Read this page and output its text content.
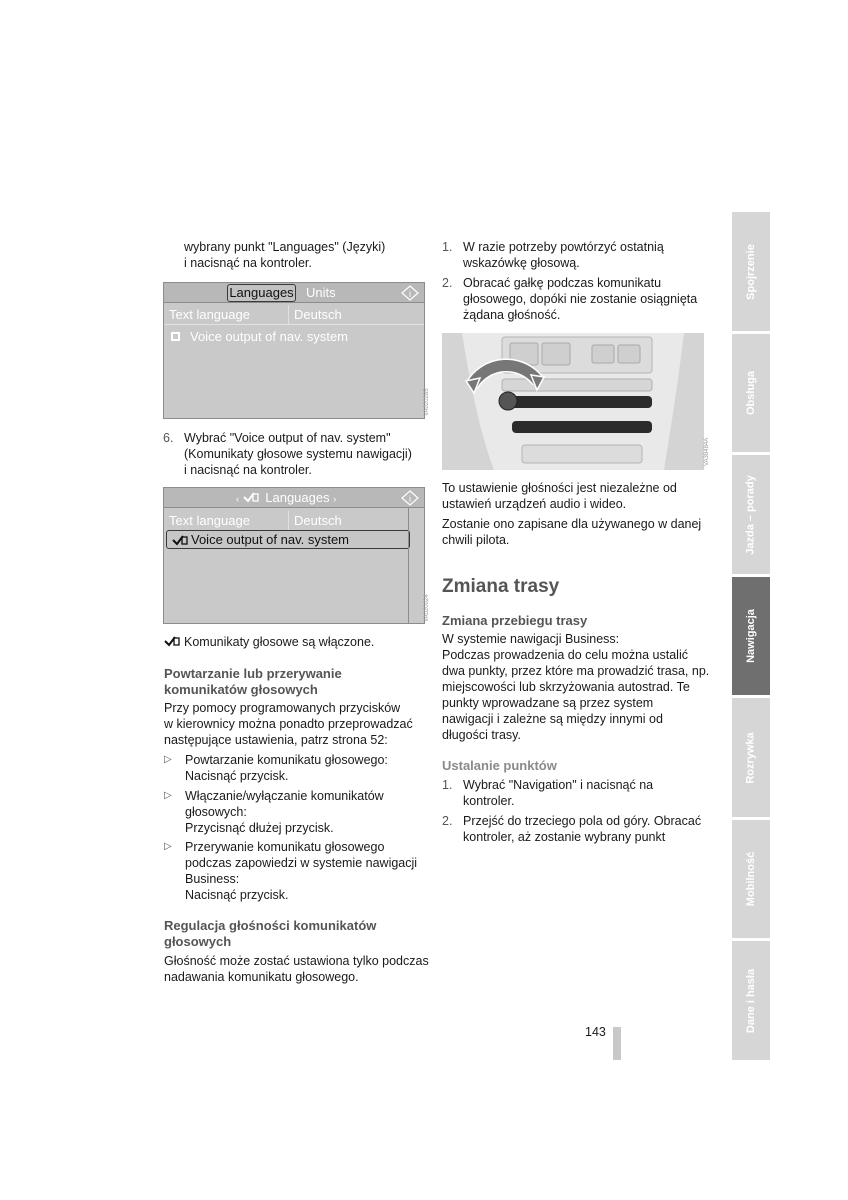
wybrany punkt "Languages" (Języki)
i nacisnąć na kontroler.
Languages Units	i
Text language	Deutsch
Voice output of nav. system
VA020285
6. Wybrać "Voice output of nav. system"
(Komunikaty głosowe systemu nawigacji)
i nacisnąć na kontroler.
‹ Languages ›	i
Text language	Deutsch
Voice output of nav. system
VA020024
Komunikaty głosowe są włączone.
Powtarzanie lub przerywanie
komunikatów głosowych
Przy pomocy programowanych przycisków
w kierownicy można ponadto przeprowadzać
następujące ustawienia, patrz strona 52:
▷ Powtarzanie komunikatu głosowego:
Nacisnąć przycisk.
▷ Włączanie/wyłączanie komunikatów
głosowych:
Przycisnąć dłużej przycisk.
▷ Przerywanie komunikatu głosowego
podczas zapowiedzi w systemie nawigacji
Business:
Nacisnąć przycisk.
Regulacja głośności komunikatów
głosowych
Głośność może zostać ustawiona tylko podczas
nadawania komunikatu głosowego.
1. W razie potrzeby powtórzyć ostatnią
wskazówkę głosową.
2. Obracać gałkę podczas komunikatu
głosowego, dopóki nie zostanie osiągnięta
żądana głośność.
VA38484A
To ustawienie głośności jest niezależne od
ustawień urządzeń audio i wideo.
Zostanie ono zapisane dla używanego w danej
chwili pilota.
Zmiana trasy
Zmiana przebiegu trasy
W systemie nawigacji Business:
Podczas prowadzenia do celu można ustalić
dwa punkty, przez które ma prowadzić trasa, np.
miejscowości lub skrzyżowania autostrad. Te
punkty wprowadzane są przez system
nawigacji i zależne są między innymi od
długości trasy.
Ustalanie punktów
1. Wybrać "Navigation" i nacisnąć na
kontroler.
2. Przejść do trzeciego pola od góry. Obracać
kontroler, aż zostanie wybrany punkt
143
Spojrzenie
Obsługa
Jazda – porady
Nawigacja
Rozrywka
Mobilność
Dane i hasła
